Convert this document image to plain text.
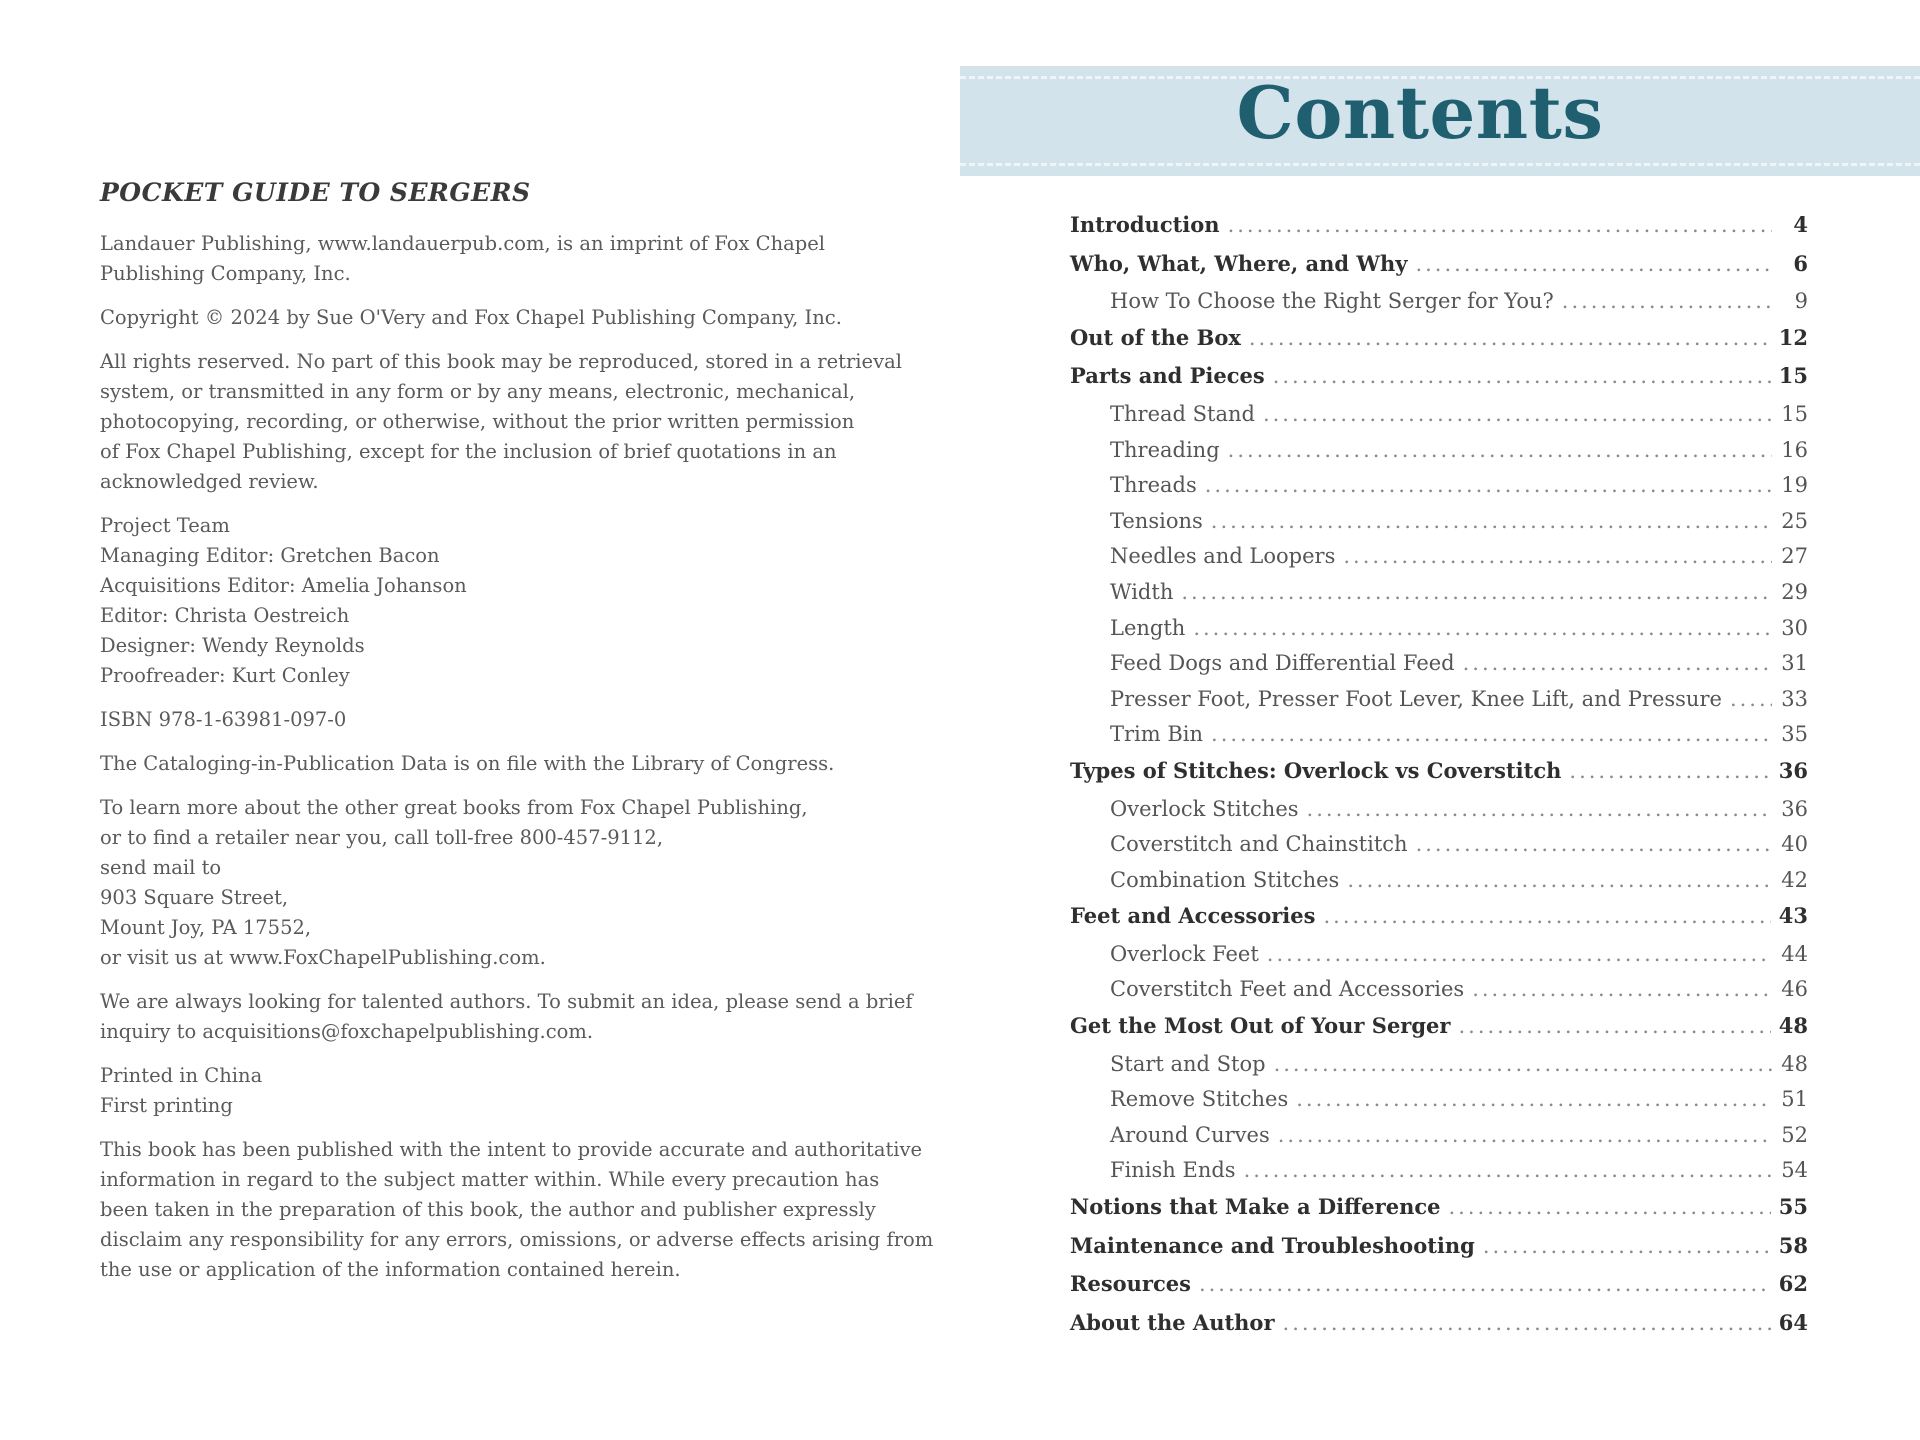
POCKET GUIDE TO SERGERS
Landauer Publishing, www.landauerpub.com, is an imprint of Fox Chapel
Publishing Company, Inc.
Copyright © 2024 by Sue O'Very and Fox Chapel Publishing Company, Inc.
All rights reserved. No part of this book may be reproduced, stored in a retrieval
system, or transmitted in any form or by any means, electronic, mechanical,
photocopying, recording, or otherwise, without the prior written permission
of Fox Chapel Publishing, except for the inclusion of brief quotations in an
acknowledged review.
Project Team
Managing Editor: Gretchen Bacon
Acquisitions Editor: Amelia Johanson
Editor: Christa Oestreich
Designer: Wendy Reynolds
Proofreader: Kurt Conley
ISBN 978-1-63981-097-0
The Cataloging-in-Publication Data is on file with the Library of Congress.
To learn more about the other great books from Fox Chapel Publishing,
or to find a retailer near you, call toll-free 800-457-9112,
send mail to
903 Square Street,
Mount Joy, PA 17552,
or visit us at www.FoxChapelPublishing.com.
We are always looking for talented authors. To submit an idea, please send a brief
inquiry to acquisitions@foxchapelpublishing.com.
Printed in China
First printing
This book has been published with the intent to provide accurate and authoritative
information in regard to the subject matter within. While every precaution has
been taken in the preparation of this book, the author and publisher expressly
disclaim any responsibility for any errors, omissions, or adverse effects arising from
the use or application of the information contained herein.
Contents
Introduction .....	4
Who, What, Where, and Why .....	6
How To Choose the Right Serger for You? .....	9
Out of the Box .....	12
Parts and Pieces .....	15
Thread Stand .....	15
Threading .....	16
Threads .....	19
Tensions .....	25
Needles and Loopers .....	27
Width .....	29
Length .....	30
Feed Dogs and Differential Feed .....	31
Presser Foot, Presser Foot Lever, Knee Lift, and Pressure .....	33
Trim Bin .....	35
Types of Stitches: Overlock vs Coverstitch .....	36
Overlock Stitches .....	36
Coverstitch and Chainstitch .....	40
Combination Stitches .....	42
Feet and Accessories .....	43
Overlock Feet .....	44
Coverstitch Feet and Accessories .....	46
Get the Most Out of Your Serger .....	48
Start and Stop .....	48
Remove Stitches .....	51
Around Curves .....	52
Finish Ends .....	54
Notions that Make a Difference .....	55
Maintenance and Troubleshooting .....	58
Resources .....	62
About the Author .....	64
